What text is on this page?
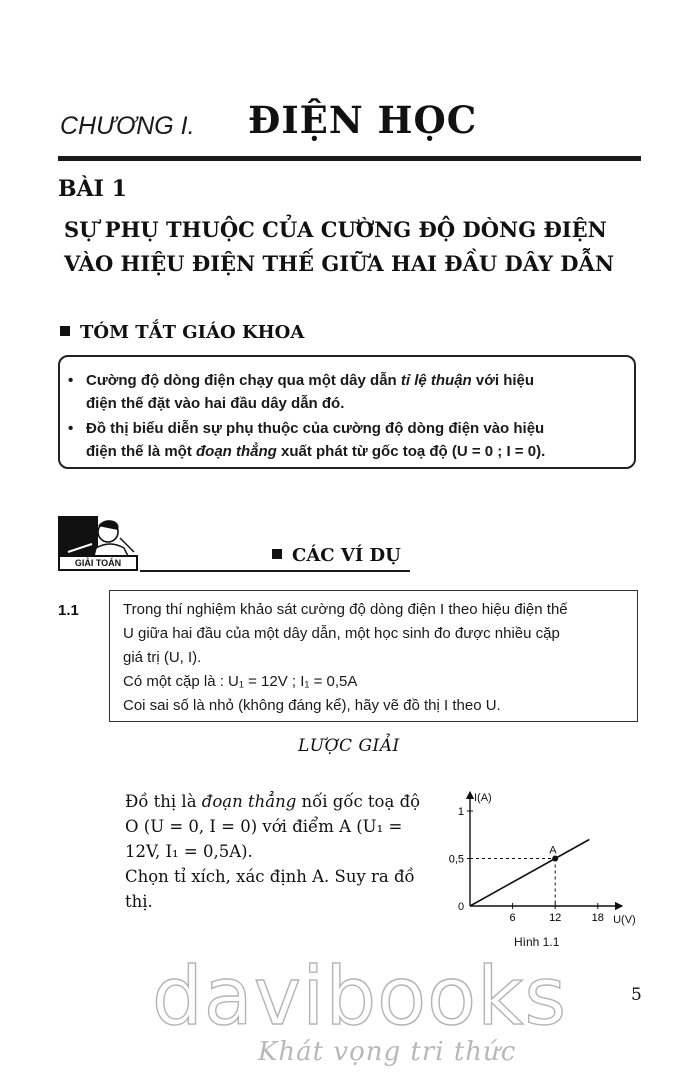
CHƯƠNG I. ĐIỆN HỌC
BÀI 1
SỰ PHỤ THUỘC CỦA CƯỜNG ĐỘ DÒNG ĐIỆN
VÀO HIỆU ĐIỆN THẾ GIỮA HAI ĐẦU DÂY DẪN
TÓM TẮT GIÁO KHOA
• Cường độ dòng điện chạy qua một dây dẫn tỉ lệ thuận với hiệu
điện thế đặt vào hai đầu dây dẫn đó.
• Đồ thị biểu diễn sự phụ thuộc của cường độ dòng điện vào hiệu
điện thế là một đoạn thẳng xuất phát từ gốc toạ độ (U = 0 ; I = 0).
GIẢI TOÁN	CÁC VÍ DỤ
1.1	Trong thí nghiệm khảo sát cường độ dòng điện I theo hiệu điện thế
U giữa hai đầu của một dây dẫn, một học sinh đo được nhiều cặp
giá trị (U, I).
Có một cặp là : U₁ = 12V ; I₁ = 0,5A
Coi sai số là nhỏ (không đáng kể), hãy vẽ đồ thị I theo U.
LƯỢC GIẢI
Đồ thị là đoạn thẳng nối gốc toạ độ
O (U = 0, I = 0) với điểm A (U₁ =
12V, I₁ = 0,5A).
Chọn tỉ xích, xác định A. Suy ra đồ
thị.
6	12	18
0,5
1
A
I(A)
U(V)
0
Hình 1.1
5
davibooks
Khát vọng tri thức
